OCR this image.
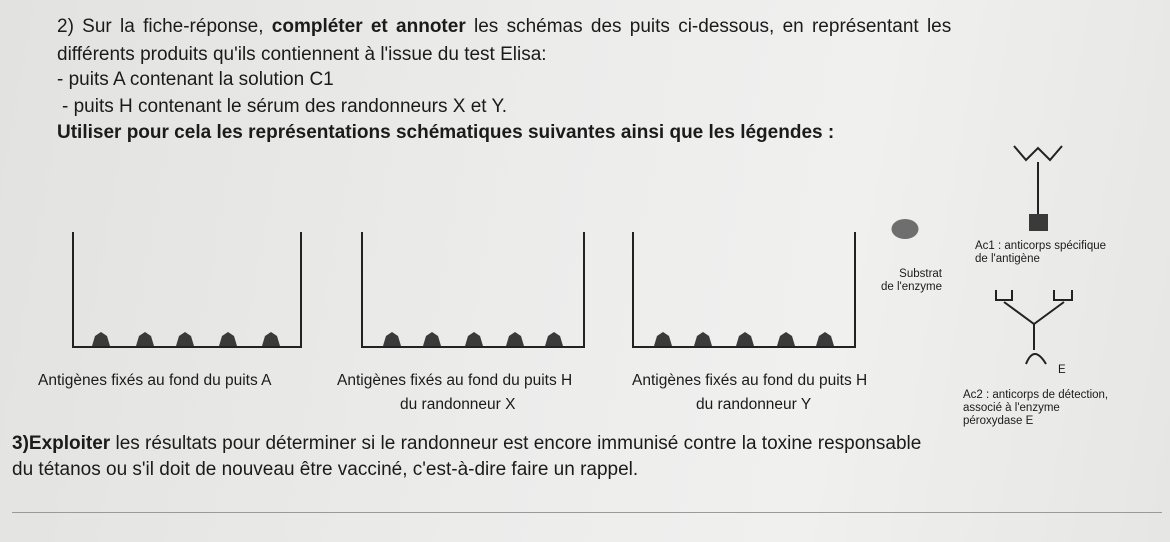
2) Sur la fiche-réponse, compléter et annoter les schémas des puits ci-dessous, en représentant les
différents produits qu'ils contiennent à l'issue du test Elisa:
- puits A contenant la solution C1
- puits H contenant le sérum des randonneurs X et Y.
Utiliser pour cela les représentations schématiques suivantes ainsi que les légendes :
Antigènes fixés au fond du puits A	Antigènes fixés au fond du puits H
du randonneur X
Antigènes fixés au fond du puits H
du randonneur Y
Substrat
de l'enzyme
Ac1 : anticorps spécifique
de l'antigène
E
Ac2 : anticorps de détection,
associé à l'enzyme
péroxydase E
3)Exploiter les résultats pour déterminer si le randonneur est encore immunisé contre la toxine responsable
du tétanos ou s'il doit de nouveau être vacciné, c'est-à-dire faire un rappel.
